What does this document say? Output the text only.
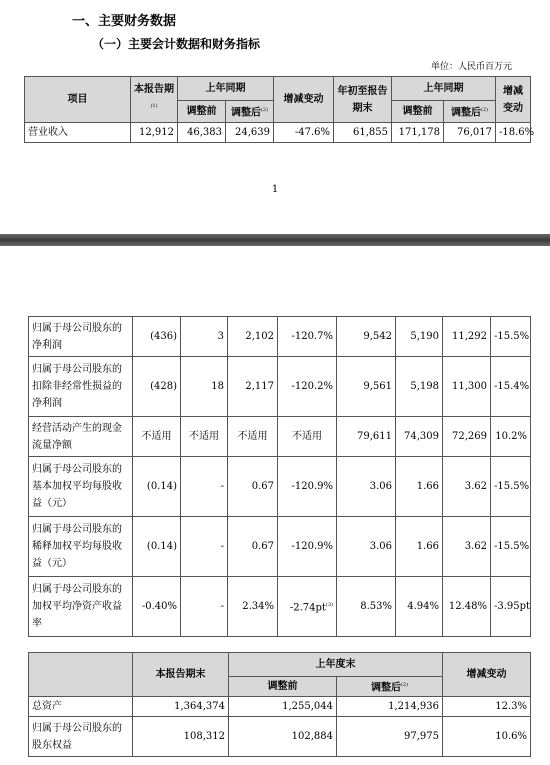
一、主要财务数据
（一）主要会计数据和财务指标
单位：人民币百万元
项目	本报告期$^{(1)}$	上年同期		增减变动	年初至报告期末	上年同期		增减变动
		调整前	调整后$^{(2)}$			调整前	调整后$^{(2)}$
营业收入	12,912	46,383	24,639	-47.6%	61,855	171,178	76,017	-18.6%
1
归属于母公司股东的净利润	(436)	3	2,102	-120.7%	9,542	5,190	11,292	-15.5%
归属于母公司股东的扣除非经常性损益的净利润	(428)	18	2,117	-120.2%	9,561	5,198	11,300	-15.4%
经营活动产生的现金流量净额	不适用	不适用	不适用	不适用	79,611	74,309	72,269	10.2%
归属于母公司股东的基本加权平均每股收益（元）	(0.14)	-	0.67	-120.9%	3.06	1.66	3.62	-15.5%
归属于母公司股东的稀释加权平均每股收益（元）	(0.14)	-	0.67	-120.9%	3.06	1.66	3.62	-15.5%
归属于母公司股东的加权平均净资产收益率	-0.40%	-	2.34%	$-2.74pt^{(3)}$	8.53%	4.94%	12.48%	-3.95pt
	本报告期末	上年度末		增减变动
		调整前	调整后$^{(2)}$
总资产	1,364,374	1,255,044	1,214,936	12.3%
归属于母公司股东的股东权益	108,312	102,884	97,975	10.6%
